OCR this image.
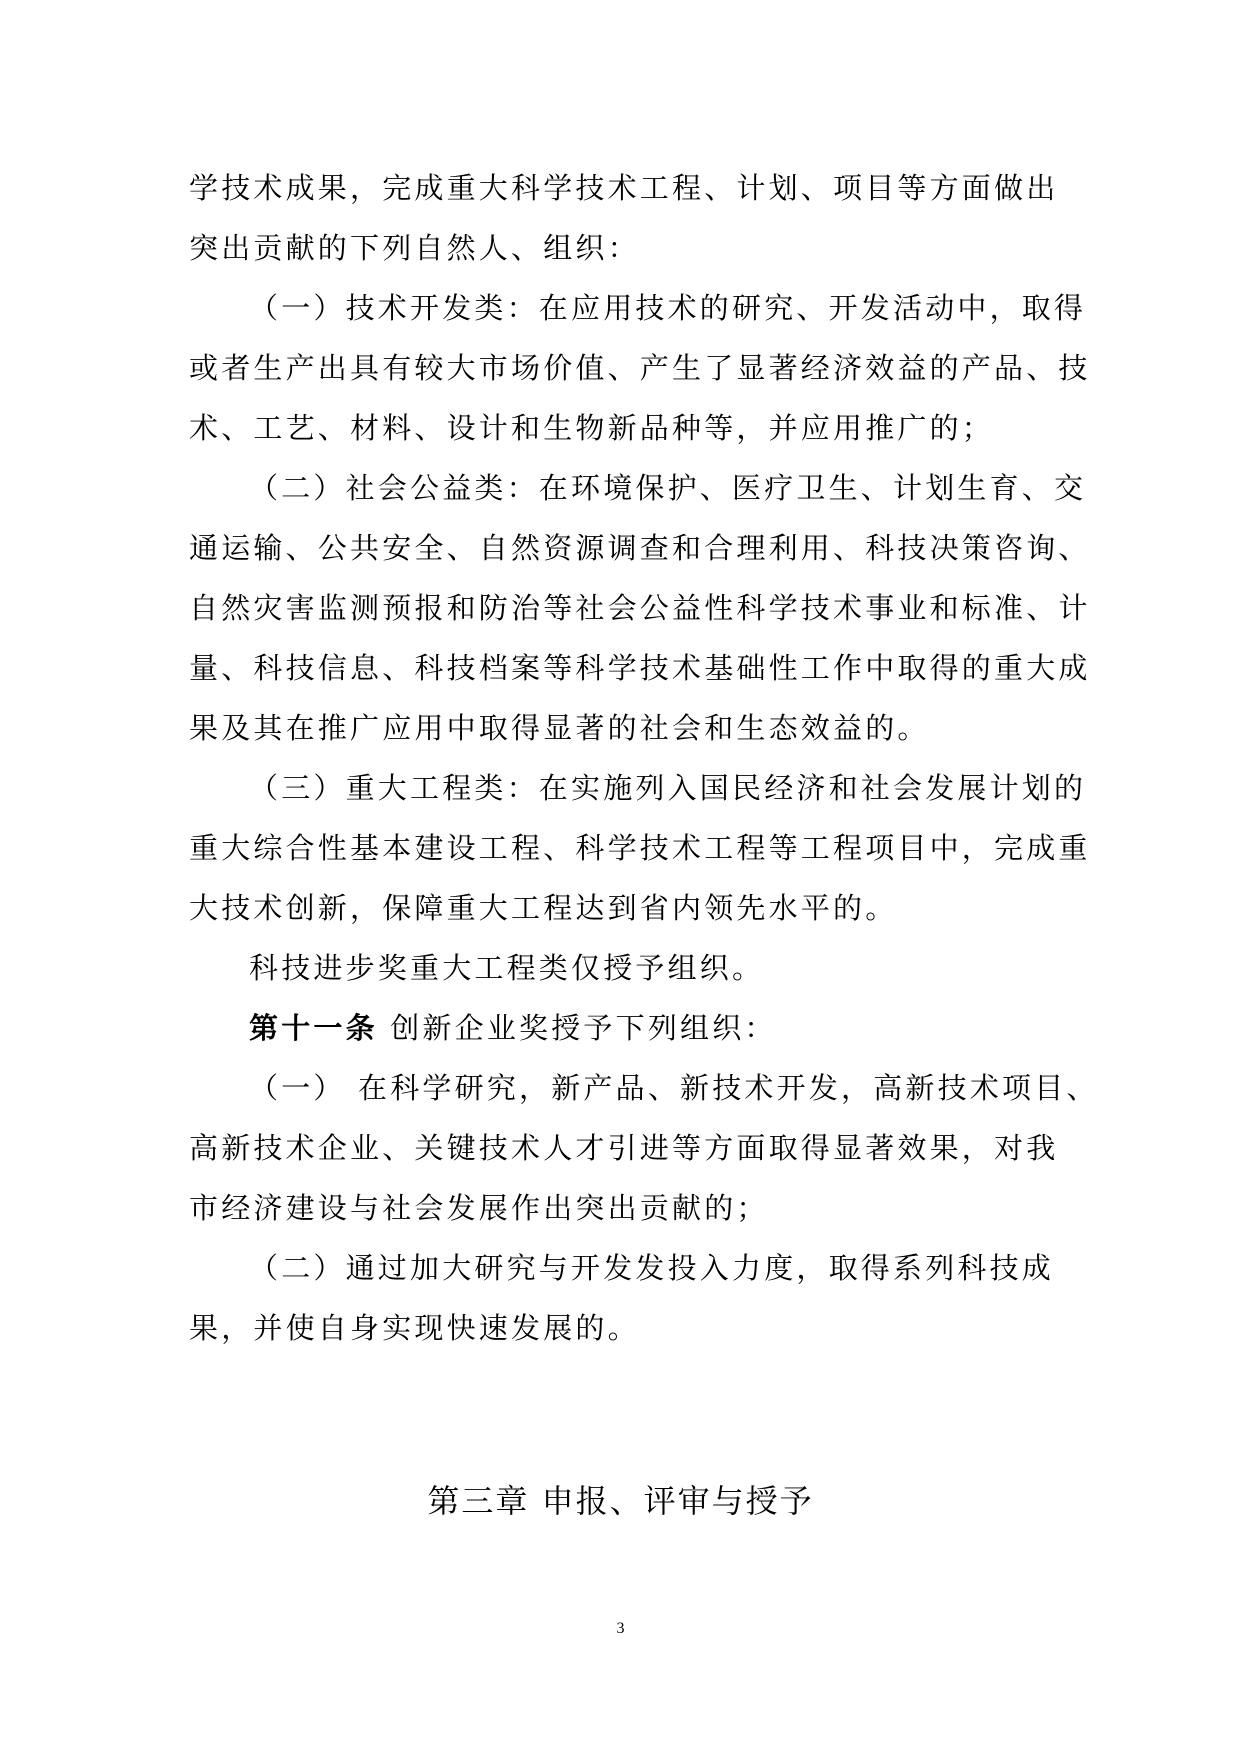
学技术成果，完成重大科学技术工程、计划、项目等方面做出
突出贡献的下列自然人、组织：
（一）技术开发类：在应用技术的研究、开发活动中，取得
或者生产出具有较大市场价值、产生了显著经济效益的产品、技
术、工艺、材料、设计和生物新品种等，并应用推广的；
（二）社会公益类：在环境保护、医疗卫生、计划生育、交
通运输、公共安全、自然资源调查和合理利用、科技决策咨询、
自然灾害监测预报和防治等社会公益性科学技术事业和标准、计
量、科技信息、科技档案等科学技术基础性工作中取得的重大成
果及其在推广应用中取得显著的社会和生态效益的。
（三）重大工程类：在实施列入国民经济和社会发展计划的
重大综合性基本建设工程、科学技术工程等工程项目中，完成重
大技术创新，保障重大工程达到省内领先水平的。
科技进步奖重大工程类仅授予组织。
第十一条 创新企业奖授予下列组织：
（一） 在科学研究，新产品、新技术开发，高新技术项目、
高新技术企业、关键技术人才引进等方面取得显著效果，对我
市经济建设与社会发展作出突出贡献的；
（二）通过加大研究与开发发投入力度，取得系列科技成
果，并使自身实现快速发展的。
第三章 申报、评审与授予
3
